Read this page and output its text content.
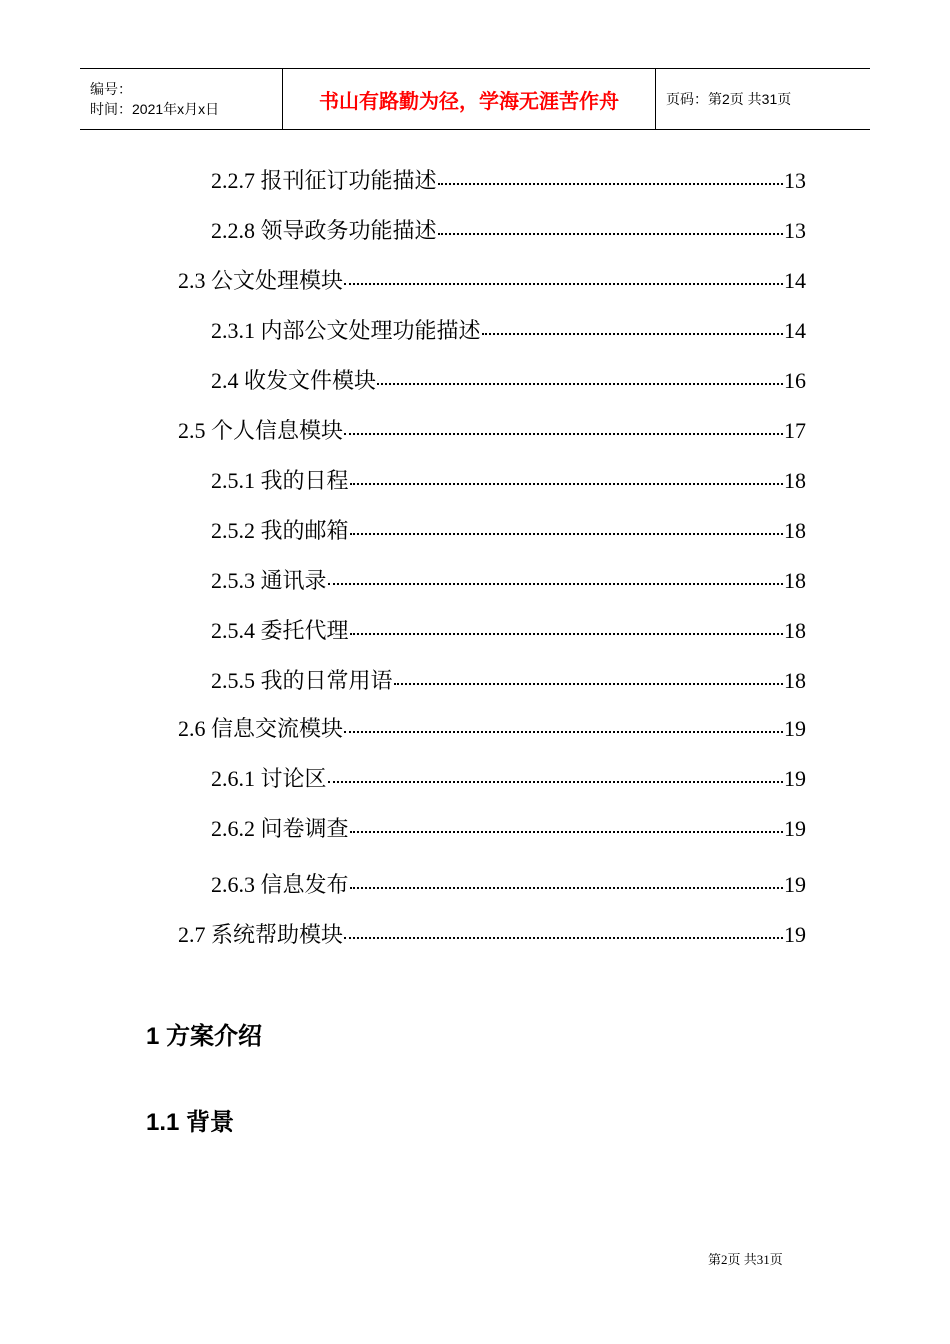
编号：
时间：2021年x月x日	书山有路勤为径，学海无涯苦作舟	页码：第2页 共31页
2.2.7 报刊征订功能描述	13
2.2.8 领导政务功能描述	13
2.3 公文处理模块	14
2.3.1 内部公文处理功能描述	14
2.4 收发文件模块	16
2.5 个人信息模块	17
2.5.1 我的日程	18
2.5.2 我的邮箱	18
2.5.3 通讯录	18
2.5.4 委托代理	18
2.5.5 我的日常用语	18
2.6 信息交流模块	19
2.6.1 讨论区	19
2.6.2 问卷调查	19
2.6.3 信息发布	19
2.7 系统帮助模块	19
1 方案介绍
1.1 背景
第2页 共31页
